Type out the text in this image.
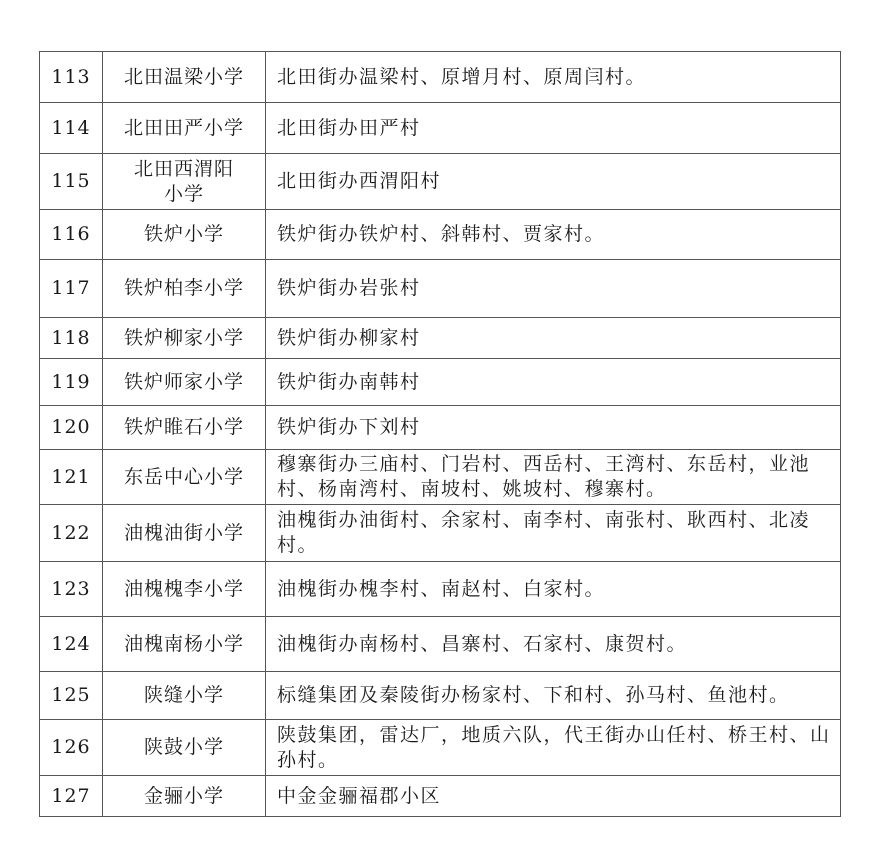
113	北田温梁小学	北田街办温梁村、原增月村、原周闫村。
114	北田田严小学	北田街办田严村
115	北田西渭阳小学	北田街办西渭阳村
116	铁炉小学	铁炉街办铁炉村、斜韩村、贾家村。
117	铁炉柏李小学	铁炉街办岩张村
118	铁炉柳家小学	铁炉街办柳家村
119	铁炉师家小学	铁炉街办南韩村
120	铁炉睢石小学	铁炉街办下刘村
121	东岳中心小学	穆寨街办三庙村、门岩村、西岳村、王湾村、东岳村，业池村、杨南湾村、南坡村、姚坡村、穆寨村。
122	油槐油街小学	油槐街办油街村、余家村、南李村、南张村、耿西村、北凌村。
123	油槐槐李小学	油槐街办槐李村、南赵村、白家村。
124	油槐南杨小学	油槐街办南杨村、昌寨村、石家村、康贺村。
125	陕缝小学	标缝集团及秦陵街办杨家村、下和村、孙马村、鱼池村。
126	陕鼓小学	陕鼓集团，雷达厂，地质六队，代王街办山任村、桥王村、山孙村。
127	金骊小学	中金金骊福郡小区
